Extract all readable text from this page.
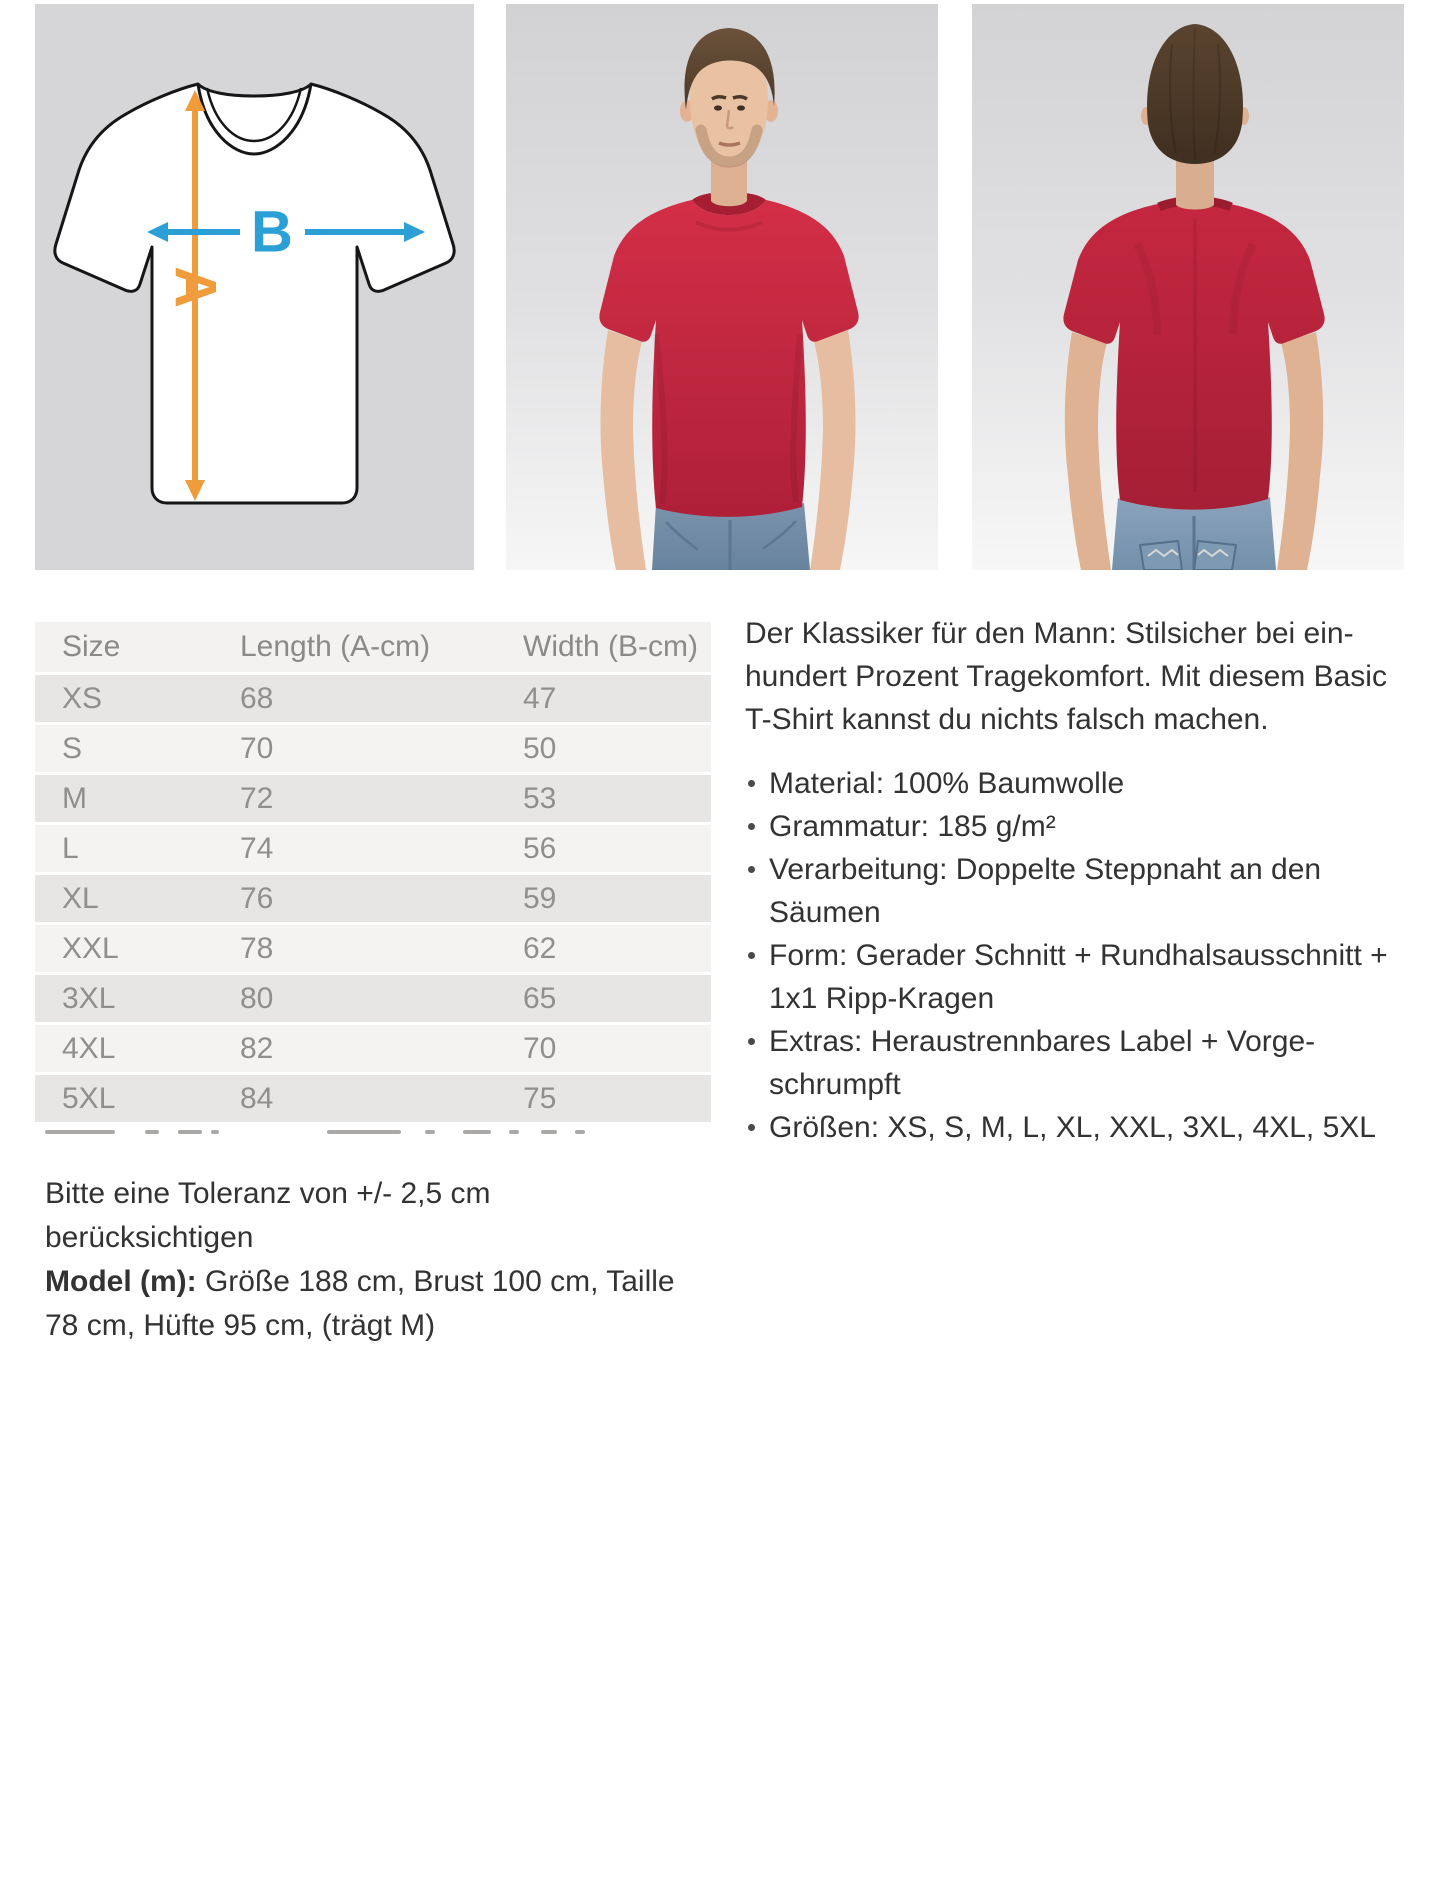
A
B
Size	Length (A-cm)	Width (B-cm)
XS	68	47
S	70	50
M	72	53
L	74	56
XL	76	59
XXL	78	62
3XL	80	65
4XL	82	70
5XL	84	75

Der Klassiker für den Mann: Stilsicher bei einhundert Prozent Tragekomfort. Mit diesem Basic T-Shirt kannst du nichts falsch machen.

Material: 100% Baumwolle
Grammatur: 185 g/m²
Verarbeitung: Doppelte Steppnaht an den Säumen
Form: Gerader Schnitt + Rundhalsausschnitt + 1x1 Ripp-Kragen
Extras: Heraustrennbares Label + Vorgeschrumpft
Größen: XS, S, M, L, XL, XXL, 3XL, 4XL, 5XL

Bitte eine Toleranz von +/- 2,5 cm berücksichtigen

Model (m): Größe 188 cm, Brust 100 cm, Taille

78 cm, Hüfte 95 cm, (trägt M)
